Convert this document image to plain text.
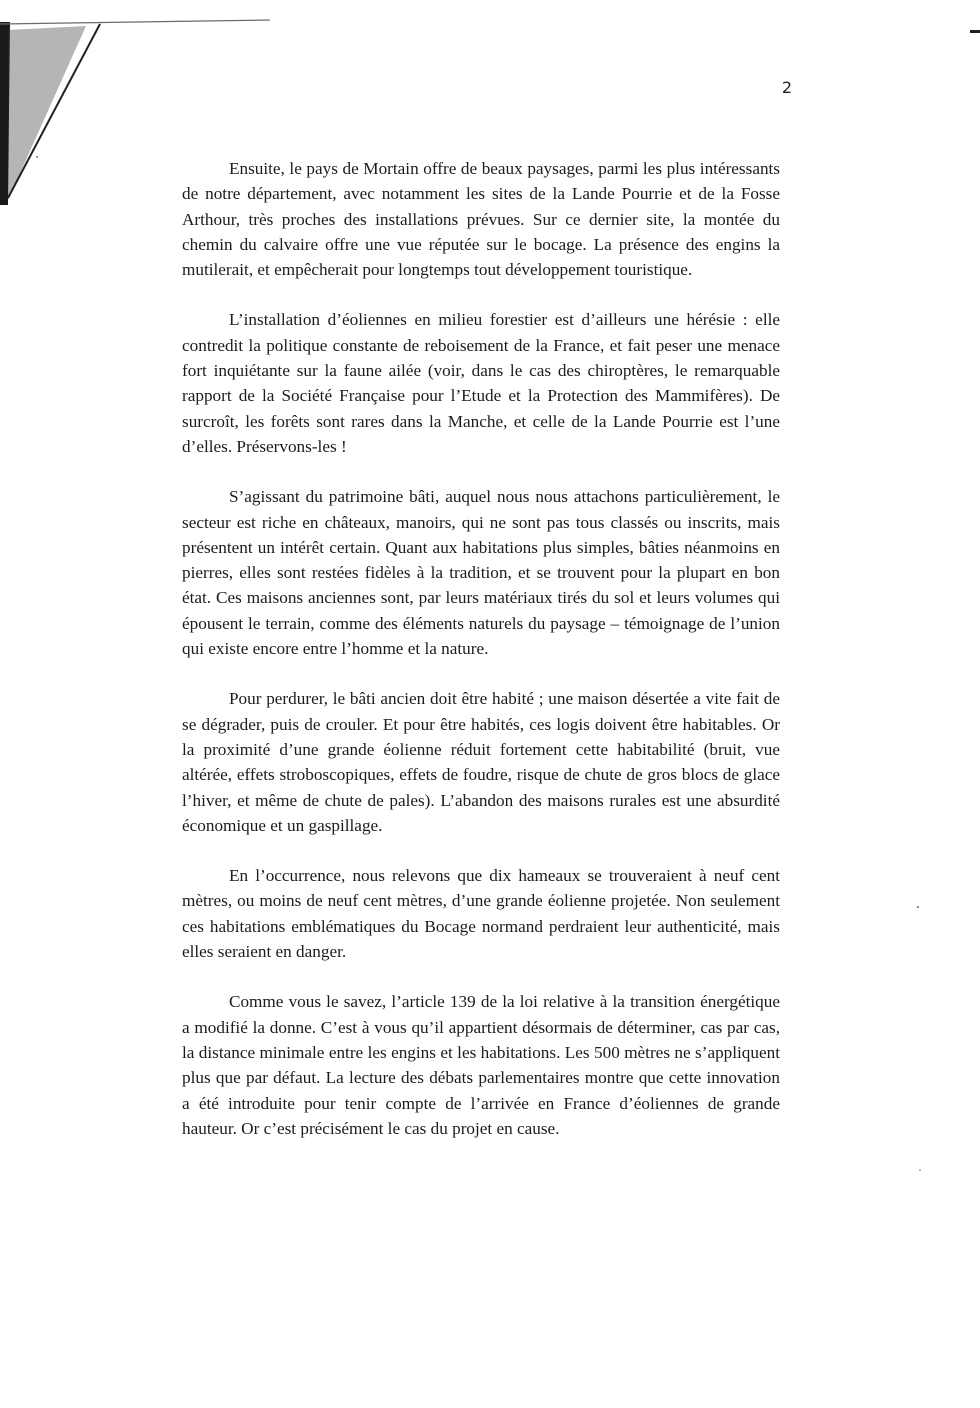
2

Ensuite, le pays de Mortain offre de beaux paysages, parmi les plus intéressants de notre département, avec notamment les sites de la Lande Pourrie et de la Fosse Arthour, très proches des installations prévues. Sur ce dernier site, la montée du chemin du calvaire offre une vue réputée sur le bocage. La présence des engins la mutilerait, et empêcherait pour longtemps tout développement touristique.

L’installation d’éoliennes en milieu forestier est d’ailleurs une hérésie : elle contredit la politique constante de reboisement de la France, et fait peser une menace fort inquiétante sur la faune ailée (voir, dans le cas des chiroptères, le remarquable rapport de la Société Française pour l’Etude et la Protection des Mammifères). De surcroît, les forêts sont rares dans la Manche, et celle de la Lande Pourrie est l’une d’elles. Préservons-les !

S’agissant du patrimoine bâti, auquel nous nous attachons particulièrement, le secteur est riche en châteaux, manoirs, qui ne sont pas tous classés ou inscrits, mais présentent un intérêt certain. Quant aux habitations plus simples, bâties néanmoins en pierres, elles sont restées fidèles à la tradition, et se trouvent pour la plupart en bon état. Ces maisons anciennes sont, par leurs matériaux tirés du sol et leurs volumes qui épousent le terrain, comme des éléments naturels du paysage – témoignage de l’union qui existe encore entre l’homme et la nature.

Pour perdurer, le bâti ancien doit être habité ; une maison désertée a vite fait de se dégrader, puis de crouler. Et pour être habités, ces logis doivent être habitables. Or la proximité d’une grande éolienne réduit fortement cette habitabilité (bruit, vue altérée, effets stroboscopiques, effets de foudre, risque de chute de gros blocs de glace l’hiver, et même de chute de pales). L’abandon des maisons rurales est une absurdité économique et un gaspillage.

En l’occurrence, nous relevons que dix hameaux se trouveraient à neuf cent mètres, ou moins de neuf cent mètres, d’une grande éolienne projetée. Non seulement ces habitations emblématiques du Bocage normand perdraient leur authenticité, mais elles seraient en danger.

Comme vous le savez, l’article 139 de la loi relative à la transition énergétique a modifié la donne. C’est à vous qu’il appartient désormais de déterminer, cas par cas, la distance minimale entre les engins et les habitations. Les 500 mètres ne s’appliquent plus que par défaut. La lecture des débats parlementaires montre que cette innovation a été introduite pour tenir compte de l’arrivée en France d’éoliennes de grande hauteur. Or c’est précisément le cas du projet en cause.
